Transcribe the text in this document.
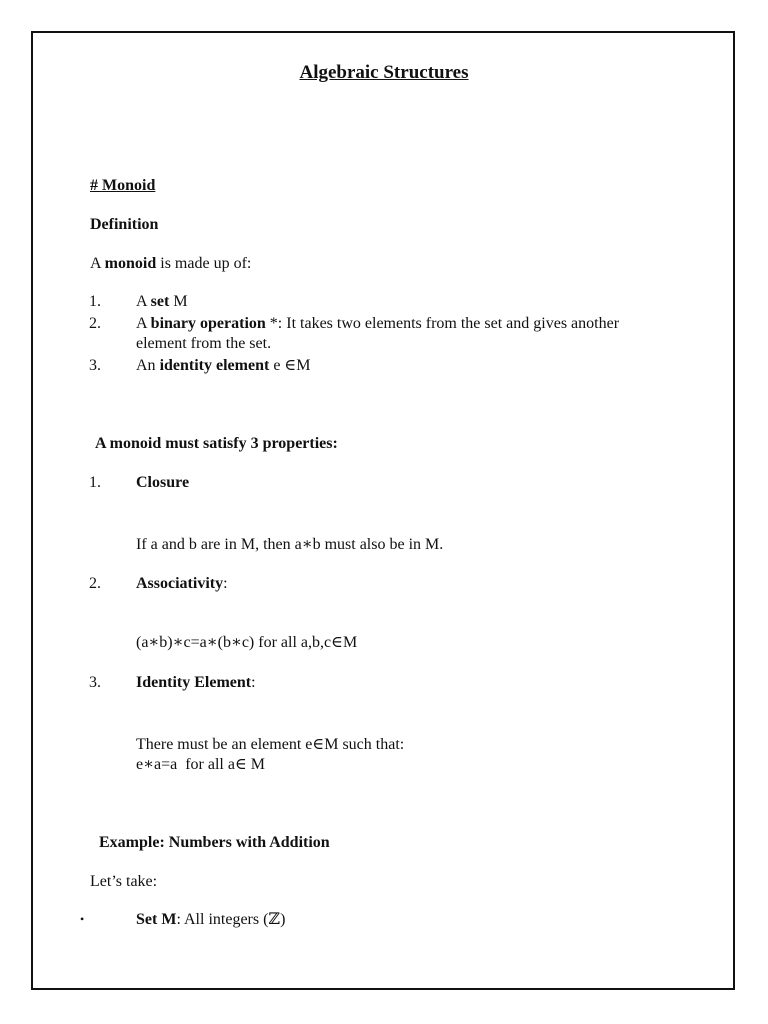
Algebraic Structures
# Monoid
Definition
A monoid is made up of:
1. A set M
2. A binary operation *: It takes two elements from the set and gives another
element from the set.
3. An identity element e ∈M
A monoid must satisfy 3 properties:
1. Closure
If a and b are in M, then a∗b must also be in M.
2. Associativity:
(a∗b)∗c=a∗(b∗c) for all a,b,c∈M
3. Identity Element:
There must be an element e∈M such that:
e∗a=a  for all a∈ M
Example: Numbers with Addition
Let’s take:
•	Set M: All integers (ℤ)
